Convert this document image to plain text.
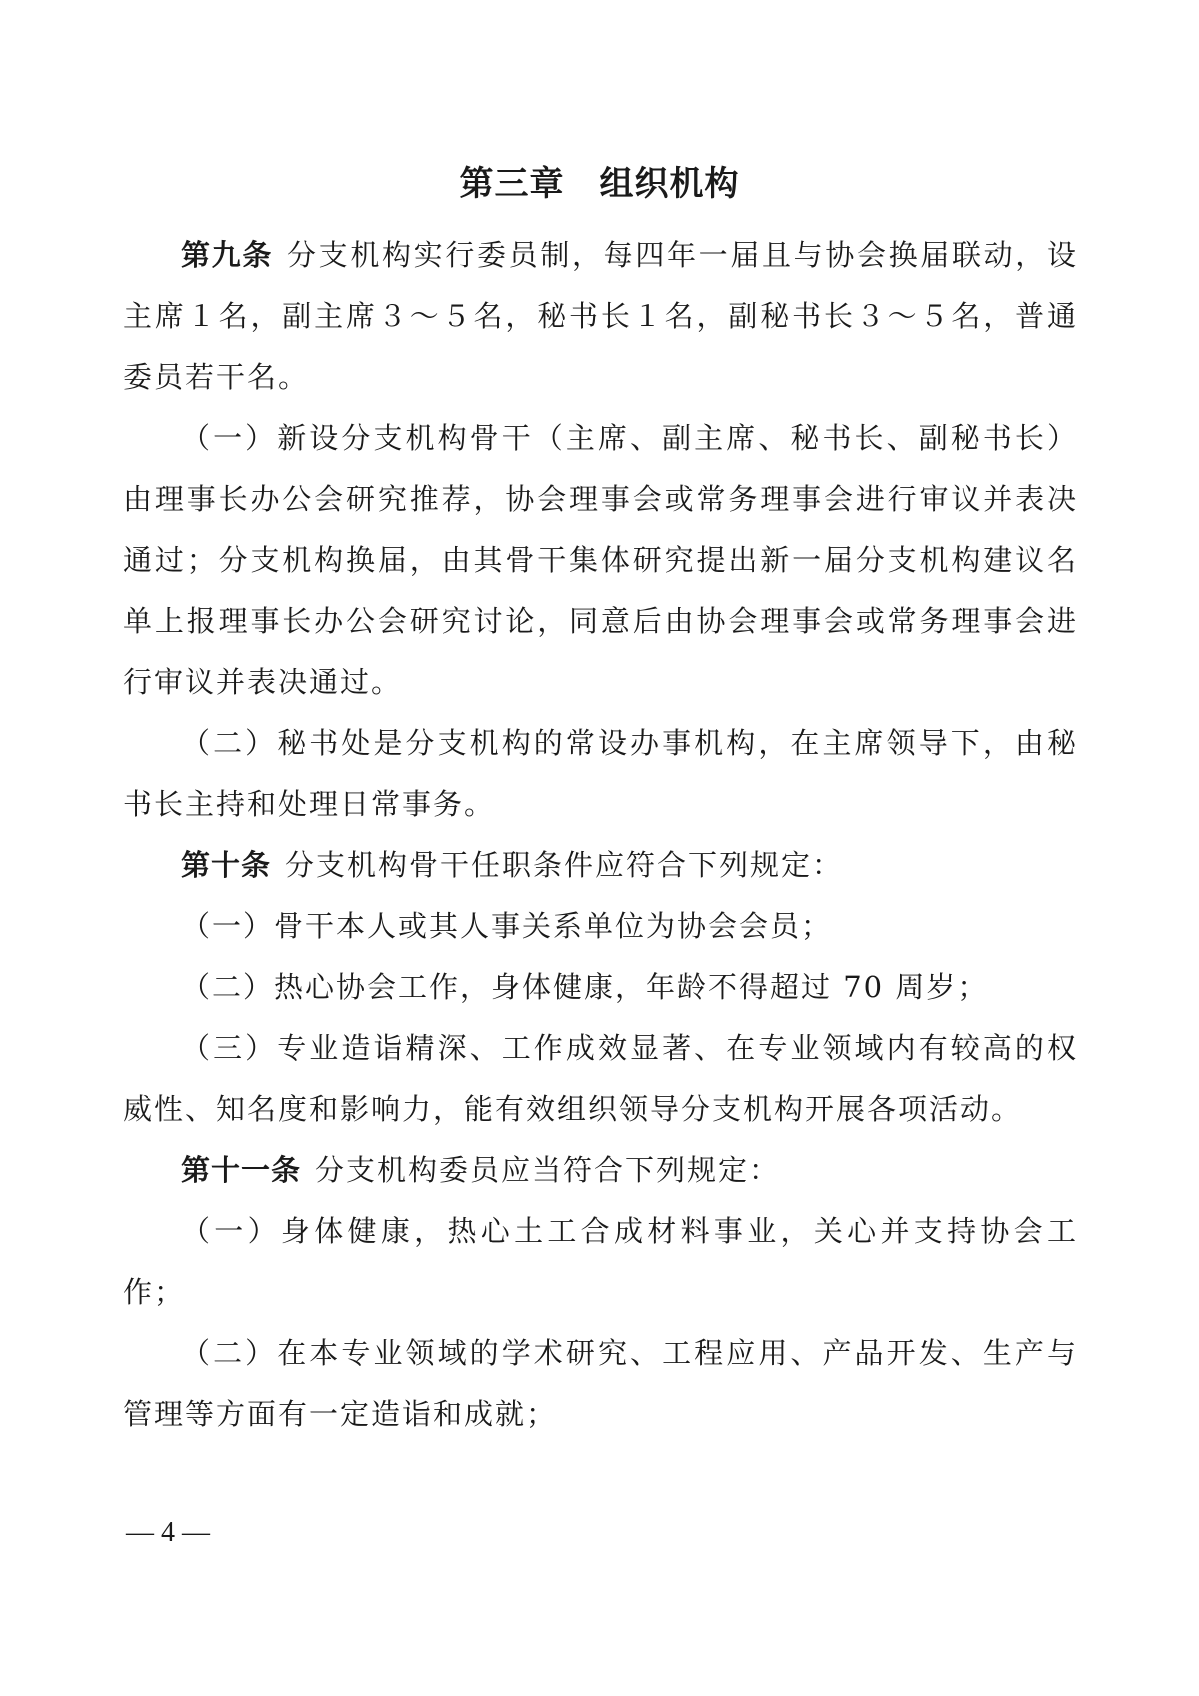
第三章　组织机构

第九条 分支机构实行委员制，每四年一届且与协会换届联动，设主席１名，副主席３～５名，秘书长１名，副秘书长３～５名，普通委员若干名。

（一）新设分支机构骨干（主席、副主席、秘书长、副秘书长）由理事长办公会研究推荐，协会理事会或常务理事会进行审议并表决通过；分支机构换届，由其骨干集体研究提出新一届分支机构建议名单上报理事长办公会研究讨论，同意后由协会理事会或常务理事会进行审议并表决通过。

（二）秘书处是分支机构的常设办事机构，在主席领导下，由秘书长主持和处理日常事务。

第十条 分支机构骨干任职条件应符合下列规定：

（一）骨干本人或其人事关系单位为协会会员；

（二）热心协会工作，身体健康，年龄不得超过 70 周岁；

（三）专业造诣精深、工作成效显著、在专业领域内有较高的权威性、知名度和影响力，能有效组织领导分支机构开展各项活动。

第十一条 分支机构委员应当符合下列规定：

（一）身体健康，热心土工合成材料事业，关心并支持协会工作；

（二）在本专业领域的学术研究、工程应用、产品开发、生产与管理等方面有一定造诣和成就；

— 4 —
